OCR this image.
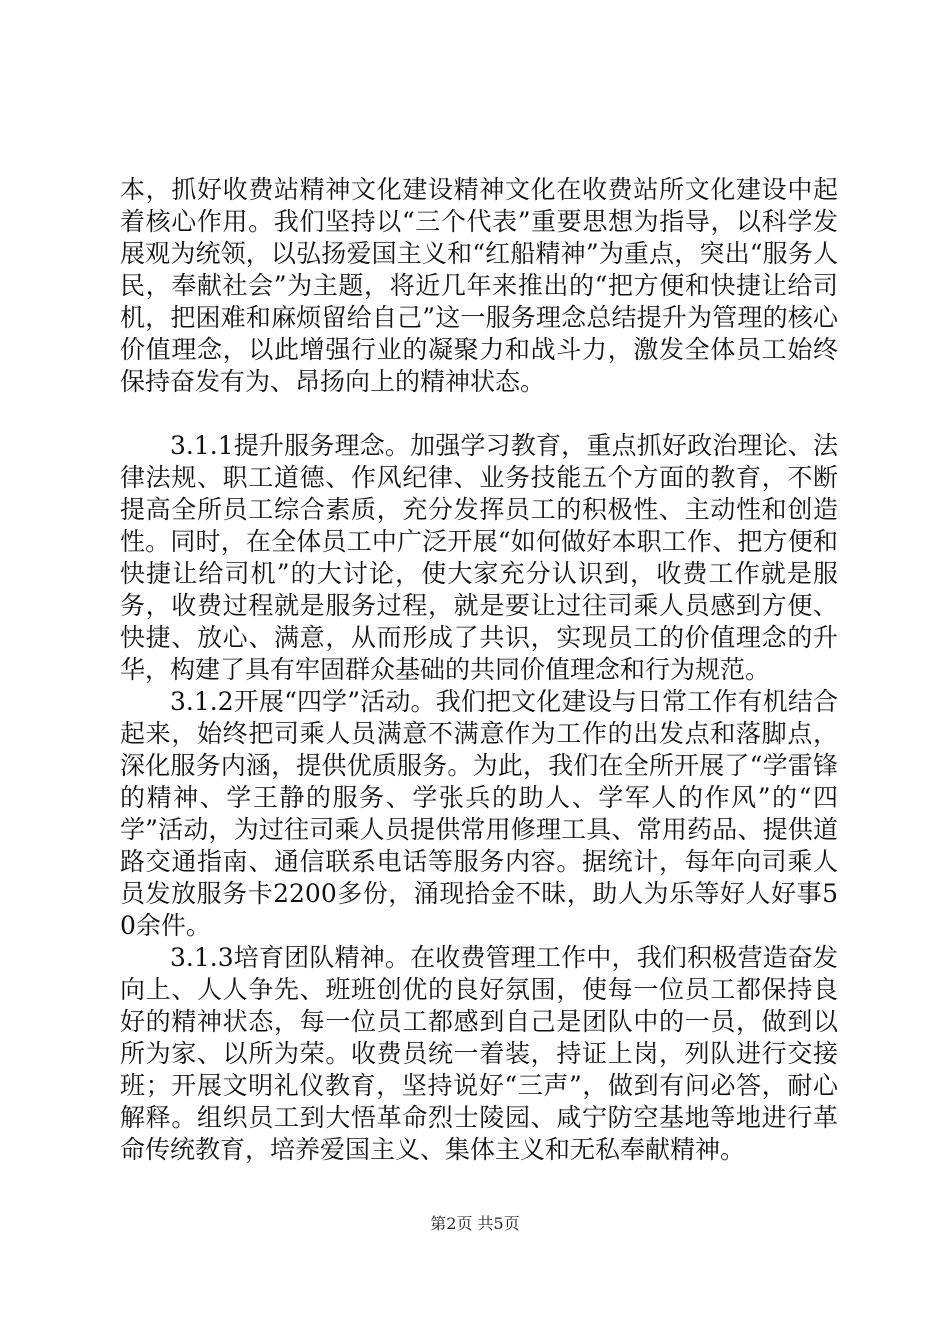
本，抓好收费站精神文化建设精神文化在收费站所文化建设中起着核心作用。我们坚持以“三个代表”重要思想为指导，以科学发展观为统领，以弘扬爱国主义和“红船精神”为重点，突出“服务人民，奉献社会”为主题，将近几年来推出的“把方便和快捷让给司机，把困难和麻烦留给自己”这一服务理念总结提升为管理的核心价值理念，以此增强行业的凝聚力和战斗力，激发全体员工始终保持奋发有为、昂扬向上的精神状态。

3.1.1提升服务理念。加强学习教育，重点抓好政治理论、法律法规、职工道德、作风纪律、业务技能五个方面的教育，不断提高全所员工综合素质，充分发挥员工的积极性、主动性和创造性。同时，在全体员工中广泛开展“如何做好本职工作、把方便和快捷让给司机”的大讨论，使大家充分认识到，收费工作就是服务，收费过程就是服务过程，就是要让过往司乘人员感到方便、快捷、放心、满意，从而形成了共识，实现员工的价值理念的升华，构建了具有牢固群众基础的共同价值理念和行为规范。

3.1.2开展“四学”活动。我们把文化建设与日常工作有机结合起来，始终把司乘人员满意不满意作为工作的出发点和落脚点，深化服务内涵，提供优质服务。为此，我们在全所开展了“学雷锋的精神、学王静的服务、学张兵的助人、学军人的作风”的“四学”活动，为过往司乘人员提供常用修理工具、常用药品、提供道路交通指南、通信联系电话等服务内容。据统计，每年向司乘人员发放服务卡2200多份，涌现拾金不昧，助人为乐等好人好事50余件。

3.1.3培育团队精神。在收费管理工作中，我们积极营造奋发向上、人人争先、班班创优的良好氛围，使每一位员工都保持良好的精神状态，每一位员工都感到自己是团队中的一员，做到以所为家、以所为荣。收费员统一着装，持证上岗，列队进行交接班；开展文明礼仪教育，坚持说好“三声”，做到有问必答，耐心解释。组织员工到大悟革命烈士陵园、咸宁防空基地等地进行革命传统教育，培养爱国主义、集体主义和无私奉献精神。

第2页 共5页
